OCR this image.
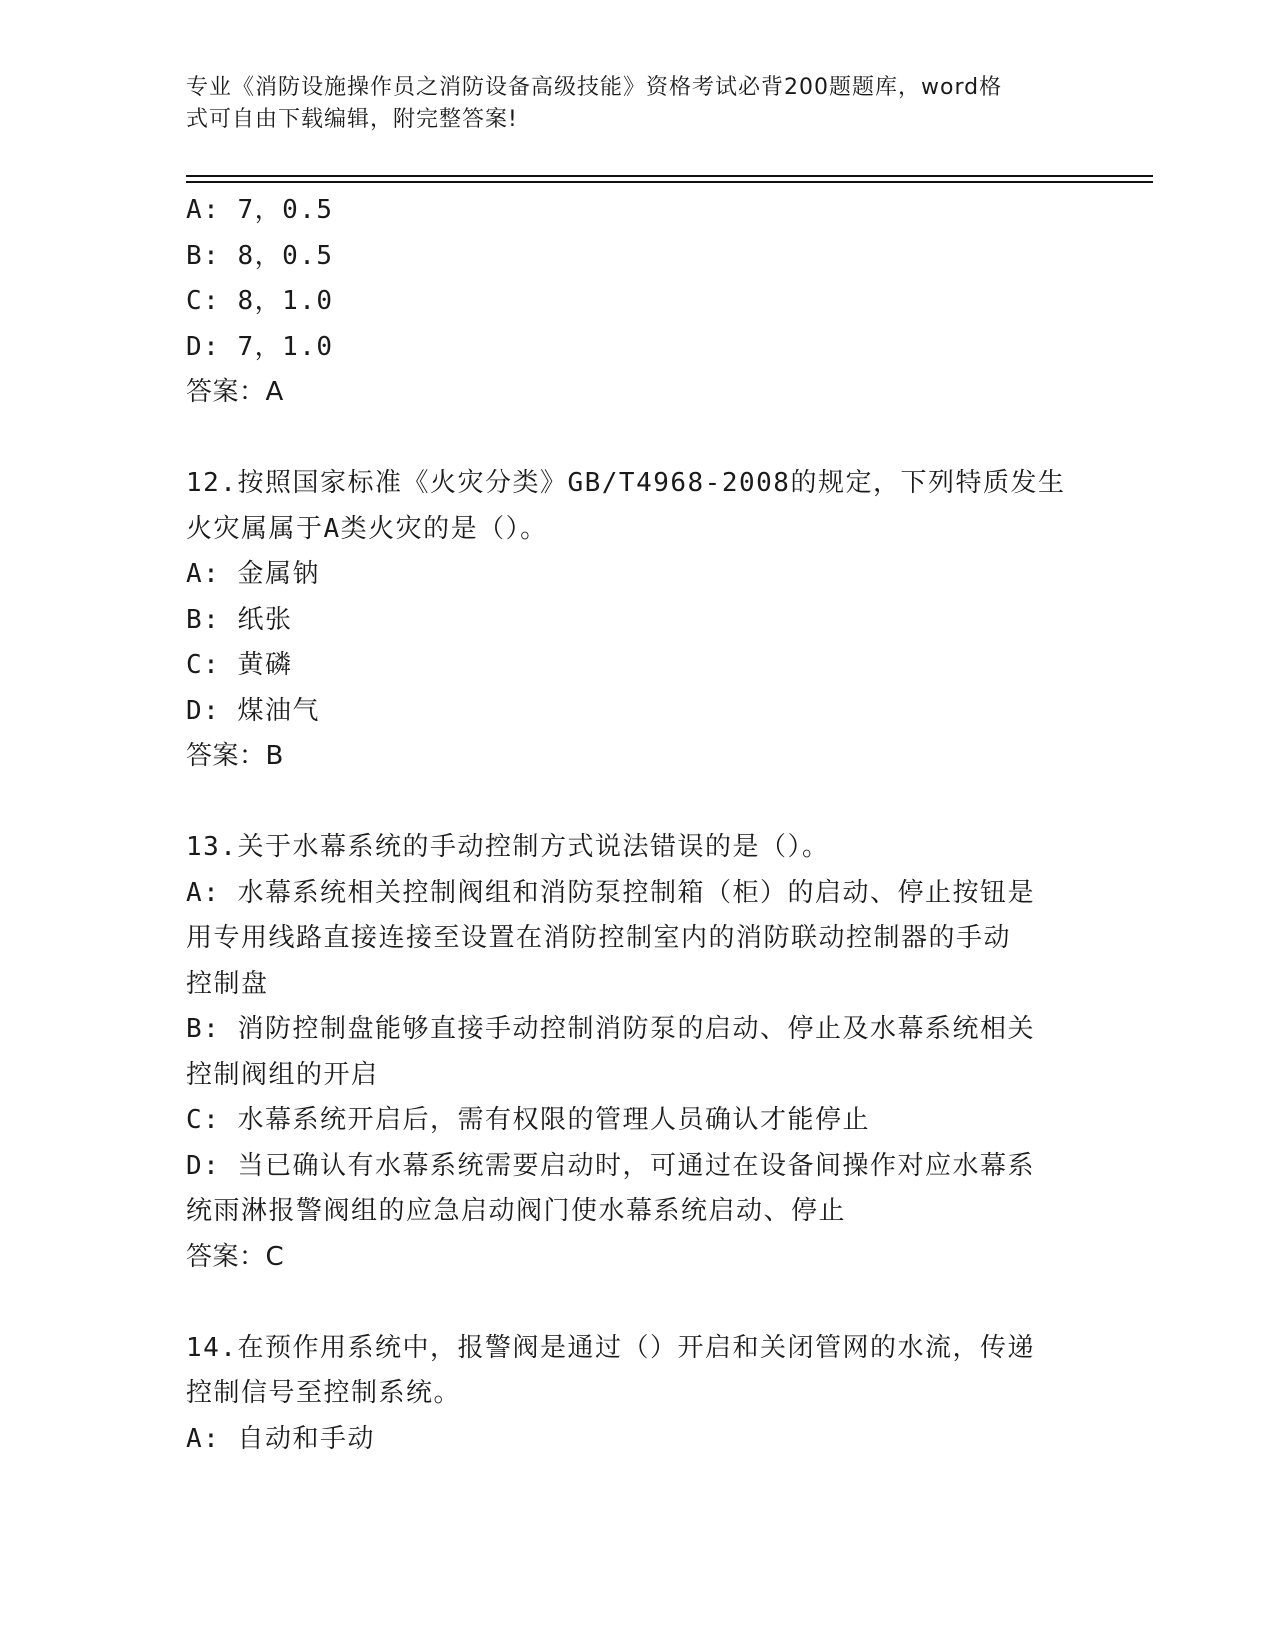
专业《消防设施操作员之消防设备高级技能》资格考试必背200题题库，word格
式可自由下载编辑，附完整答案!
A: 7，0.5
B: 8，0.5
C: 8，1.0
D: 7，1.0
答案：A
12.按照国家标准《火灾分类》GB/T4968-2008的规定，下列特质发生
火灾属属于A类火灾的是（）。
A: 金属钠
B: 纸张
C: 黄磷
D: 煤油气
答案：B
13.关于水幕系统的手动控制方式说法错误的是（）。
A: 水幕系统相关控制阀组和消防泵控制箱（柜）的启动、停止按钮是
用专用线路直接连接至设置在消防控制室内的消防联动控制器的手动
控制盘
B: 消防控制盘能够直接手动控制消防泵的启动、停止及水幕系统相关
控制阀组的开启
C: 水幕系统开启后，需有权限的管理人员确认才能停止
D: 当已确认有水幕系统需要启动时，可通过在设备间操作对应水幕系
统雨淋报警阀组的应急启动阀门使水幕系统启动、停止
答案：C
14.在预作用系统中，报警阀是通过（）开启和关闭管网的水流，传递
控制信号至控制系统。
A: 自动和手动
